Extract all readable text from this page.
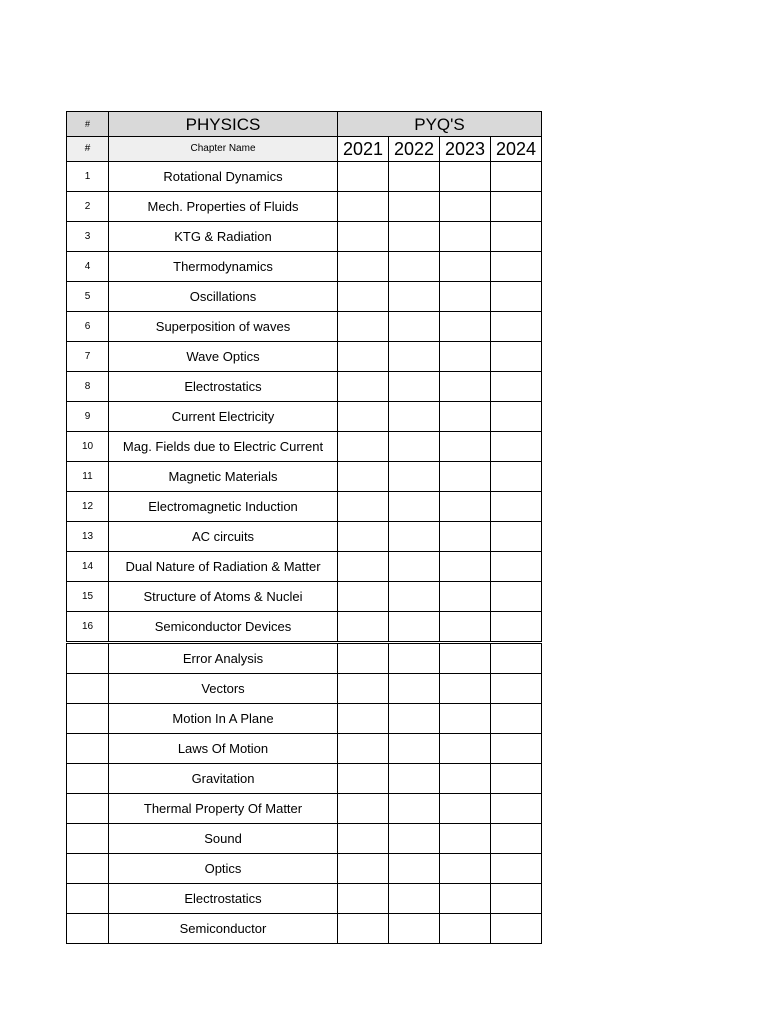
#	PHYSICS	PYQ'S			
#	Chapter Name	2021	2022	2023	2024
1	Rotational Dynamics				
2	Mech. Properties of Fluids				
3	KTG & Radiation				
4	Thermodynamics				
5	Oscillations				
6	Superposition of waves				
7	Wave Optics				
8	Electrostatics				
9	Current Electricity				
10	Mag. Fields due to Electric Current				
11	Magnetic Materials				
12	Electromagnetic Induction				
13	AC circuits				
14	Dual Nature of Radiation & Matter				
15	Structure of Atoms & Nuclei				
16	Semiconductor Devices				
	Error Analysis				
	Vectors				
	Motion In A Plane				
	Laws Of Motion				
	Gravitation				
	Thermal Property Of Matter				
	Sound				
	Optics				
	Electrostatics				
	Semiconductor				
